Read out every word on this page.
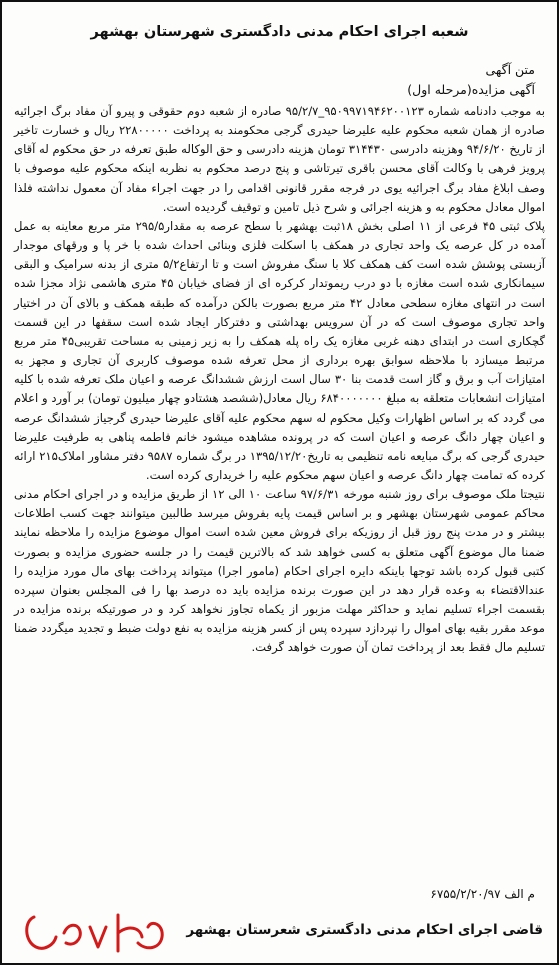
شعبه اجرای احکام مدنی دادگستری شهرستان بهشهر
متن آگهی
آگهی مزایده(مرحله اول)

به موجب دادنامه شماره ۹۵۰۹۹۷۱۹۴۶۲۰۰۱۲۳_۹۵/۲/۷ صادره از شعبه دوم حقوقی و پیرو آن مفاد برگ اجرائیه صادره از همان شعبه محکوم علیه علیرضا حیدری گرجی محکومند به پرداخت ۲۲۸۰۰۰۰۰ ریال و خسارت تاخیر از تاریخ ۹۴/۶/۲۰ وهزینه دادرسی ۳۱۴۴۳۰ تومان هزینه دادرسی و حق الوکاله طبق تعرفه در حق محکوم له آقای پرویز فرهی با وکالت آقای محسن باقری تیرتاشی و پنج درصد محکوم به نظربه اینکه محکوم علیه موصوف با وصف ابلاغ مفاد برگ اجرائیه یوی در فرجه مقرر قانونی اقدامی را در جهت اجراء مفاد آن معمول نداشته فلذا اموال معادل محکوم به و هزینه اجرائی و شرح ذیل تامین و توقیف گردیده است.

پلاک ثبتی ۴۵ فرعی از ۱۱ اصلی بخش ۱۸ثبت بهشهر با سطح عرصه به مقدار۲۹۵/۵ متر مربع معاینه به عمل آمده در کل عرصه یک واحد تجاری در همکف با اسکلت فلزی وبنائی احداث شده با خر پا و ورقهای موجدار آزبستی پوشش شده است کف همکف کلا با سنگ مفروش است و تا ارتفاع۵/۲ متری از بدنه سرامیک و البقی سیمانکاری شده است مغازه با دو درب ریموتدار کرکره ای از فضای خیابان ۴۵ متری هاشمی نژاد مجزا شده است در انتهای مغازه سطحی معادل ۴۲ متر مربع بصورت بالکن درآمده که طبقه همکف و بالای آن در اختیار واحد تجاری موصوف است که در آن سرویس بهداشتی و دفترکار ایجاد شده است سقفها در این قسمت گچکاری است در ابتدای دهنه غربی مغازه یک راه پله همکف را به زیر زمینی به مساحت تقریبی۴۵ متر مربع مرتبط میسازد با ملاحظه سوابق بهره برداری از محل تعرفه شده موصوف کاربری آن تجاری و مجهز به امتیازات آب و برق و گاز است قدمت بنا ۳۰ سال است ارزش ششدانگ عرصه و اعیان ملک تعرفه شده با کلیه امتیازات انشعابات متعلقه به مبلغ ۶۸۴۰۰۰۰۰۰۰ ریال معادل(ششصد هشتادو چهار میلیون تومان) بر آورد و اعلام می گردد که بر اساس اظهارات وکیل محکوم له سهم محکوم علیه آقای علیرضا حیدری گرجیاز ششدانگ عرصه و اعیان چهار دانگ عرصه و اعیان است که در پرونده مشاهده میشود خانم فاطمه پناهی به طرفیت علیرضا حیدری گرجی که برگ مبایعه نامه تنظیمی به تاریخ۱۳۹۵/۱۲/۲۰ در برگ شماره ۹۵۸۷ دفتر مشاور املاک۲۱۵ ارائه کرده که تمامت چهار دانگ عرصه و اعیان سهم محکوم علیه را خریداری کرده است.

نتیجتا ملک موصوف برای روز شنبه مورخه ۹۷/۶/۳۱ ساعت ۱۰ الی ۱۲ از طریق مزایده و در اجرای احکام مدنی محاکم عمومی شهرستان بهشهر و بر اساس قیمت پایه بفروش میرسد طالبین میتوانند جهت کسب اطلاعات بیشتر و در مدت پنج روز قبل از روزیکه برای فروش معین شده است اموال موضوع مزایده را ملاحظه نمایند ضمنا مال موضوع آگهی متعلق به کسی خواهد شد که بالاترین قیمت را در جلسه حضوری مزایده و بصورت کتبی قبول کرده باشد توجها باینکه دایره اجرای احکام (مامور اجرا) میتواند پرداخت بهای مال مورد مزایده را عندالاقتضاء به وعده قرار دهد در این صورت برنده مزایده باید ده درصد بها را فی المجلس بعنوان سپرده بقسمت اجراء تسلیم نماید و حداکثر مهلت مزبور از یکماه تجاوز نخواهد کرد و در صورتیکه برنده مزایده در موعد مقرر بقیه بهای اموال را نپردازد سپرده پس از کسر هزینه مزایده به نفع دولت ضبط و تجدید میگردد ضمنا تسلیم مال فقط بعد از پرداخت تمان آن صورت خواهد گرفت.

م الف ۶۷۵۵/۲/۲۰/۹۷
قاضی اجرای احکام مدنی دادگستری شعرستان بهشهر
